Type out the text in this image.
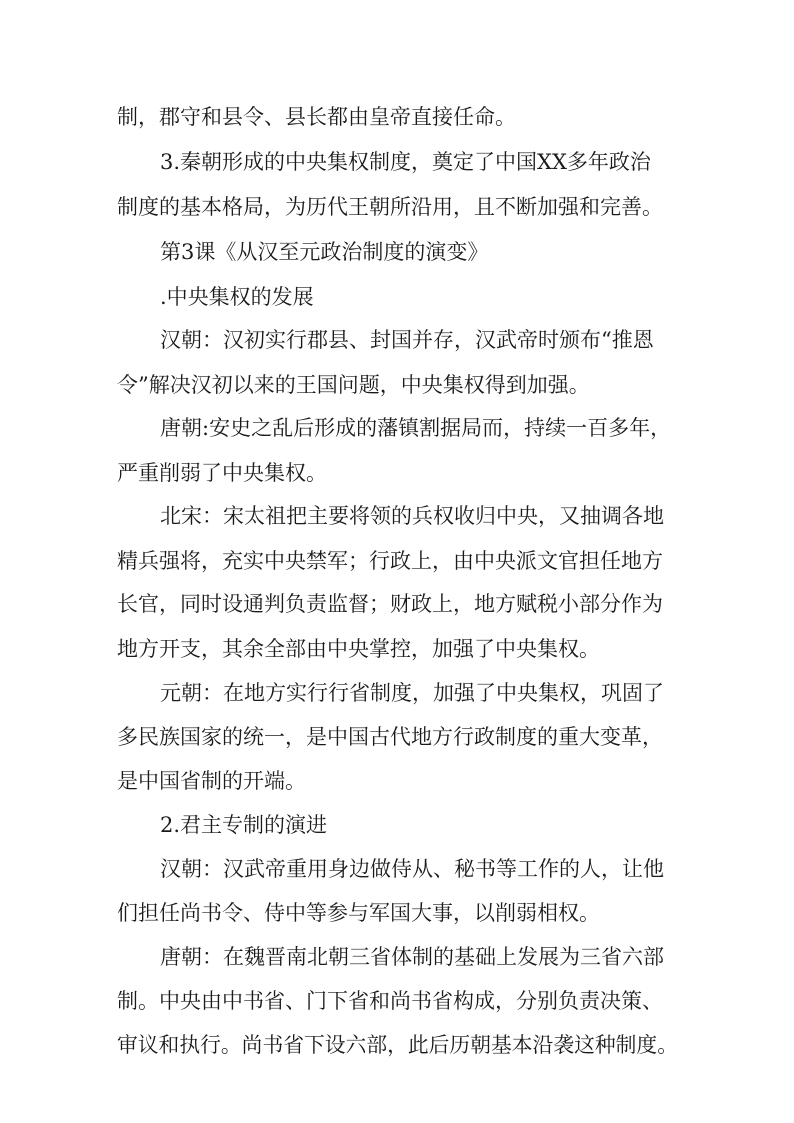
制，郡守和县令、县长都由皇帝直接任命。
3.秦朝形成的中央集权制度，奠定了中国XX多年政治
制度的基本格局，为历代王朝所沿用，且不断加强和完善。
第3课《从汉至元政治制度的演变》
.中央集权的发展
汉朝：汉初实行郡县、封国并存，汉武帝时颁布“推恩
令”解决汉初以来的王国问题，中央集权得到加强。
唐朝:安史之乱后形成的藩镇割据局而，持续一百多年，
严重削弱了中央集权。
北宋：宋太祖把主要将领的兵权收归中央，又抽调各地
精兵强将，充实中央禁军；行政上，由中央派文官担任地方
长官，同时设通判负责监督；财政上，地方赋税小部分作为
地方开支，其余全部由中央掌控，加强了中央集权。
元朝：在地方实行行省制度，加强了中央集权，巩固了
多民族国家的统一，是中国古代地方行政制度的重大变革，
是中国省制的开端。
2.君主专制的演进
汉朝：汉武帝重用身边做侍从、秘书等工作的人，让他
们担任尚书令、侍中等参与军国大事，以削弱相权。
唐朝：在魏晋南北朝三省体制的基础上发展为三省六部
制。中央由中书省、门下省和尚书省构成，分别负责决策、
审议和执行。尚书省下设六部，此后历朝基本沿袭这种制度。
